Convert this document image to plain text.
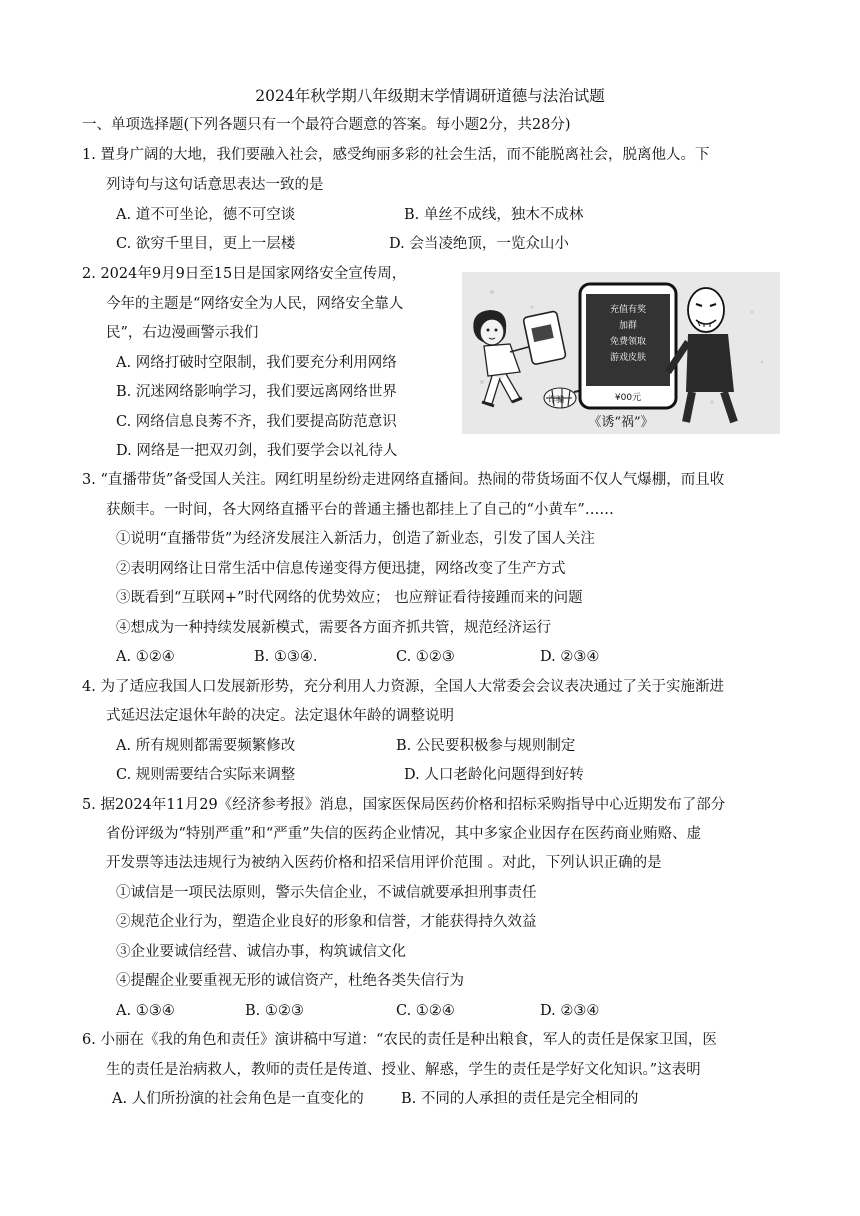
2024年秋学期八年级期末学情调研道德与法治试题
一、单项选择题(下列各题只有一个最符合题意的答案。每小题2分，共28分)
1. 置身广阔的大地，我们要融入社会，感受绚丽多彩的社会生活，而不能脱离社会，脱离他人。下
列诗句与这句话意思表达一致的是
A. 道不可坐论，德不可空谈	B. 单丝不成线，独木不成林
C. 欲穷千里目，更上一层楼	D. 会当凌绝顶，一览众山小
2. 2024年9月9日至15日是国家网络安全宣传周，
今年的主题是“网络安全为人民，网络安全靠人
民”，右边漫画警示我们
A. 网络打破时空限制，我们要充分利用网络
B. 沉迷网络影响学习，我们要远离网络世界
C. 网络信息良莠不齐，我们要提高防范意识
D. 网络是一把双刃剑，我们要学会以礼待人
诈骗
充值有奖
加群
免费领取
游戏皮肤
¥00元
《诱“祸”》
3. “直播带货”备受国人关注。网红明星纷纷走进网络直播间。热闹的带货场面不仅人气爆棚，而且收
获颇丰。一时间，各大网络直播平台的普通主播也都挂上了自己的“小黄车”……
①说明“直播带货”为经济发展注入新活力，创造了新业态，引发了国人关注
②表明网络让日常生活中信息传递变得方便迅捷，网络改变了生产方式
③既看到“互联网+”时代网络的优势效应； 也应辩证看待接踵而来的问题
④想成为一种持续发展新模式，需要各方面齐抓共管，规范经济运行
A. ①②④	B. ①③④.	C. ①②③	D. ②③④
4. 为了适应我国人口发展新形势，充分利用人力资源，全国人大常委会会议表决通过了关于实施渐进
式延迟法定退休年龄的决定。法定退休年龄的调整说明
A. 所有规则都需要频繁修改	B. 公民要积极参与规则制定
C. 规则需要结合实际来调整	D. 人口老龄化问题得到好转
5. 据2024年11月29《经济参考报》消息，国家医保局医药价格和招标采购指导中心近期发布了部分
省份评级为“特别严重”和“严重”失信的医药企业情况，其中多家企业因存在医药商业贿赂、虚
开发票等违法违规行为被纳入医药价格和招采信用评价范围 。对此，下列认识正确的是
①诚信是一项民法原则，警示失信企业，不诚信就要承担刑事责任
②规范企业行为，塑造企业良好的形象和信誉，才能获得持久效益
③企业要诚信经营、诚信办事，构筑诚信文化
④提醒企业要重视无形的诚信资产，杜绝各类失信行为
A. ①③④	B. ①②③	C. ①②④	D. ②③④
6. 小丽在《我的角色和责任》演讲稿中写道：“农民的责任是种出粮食，军人的责任是保家卫国，医
生的责任是治病救人，教师的责任是传道、授业、解惑，学生的责任是学好文化知识。”这表明
A. 人们所扮演的社会角色是一直变化的	B. 不同的人承担的责任是完全相同的
